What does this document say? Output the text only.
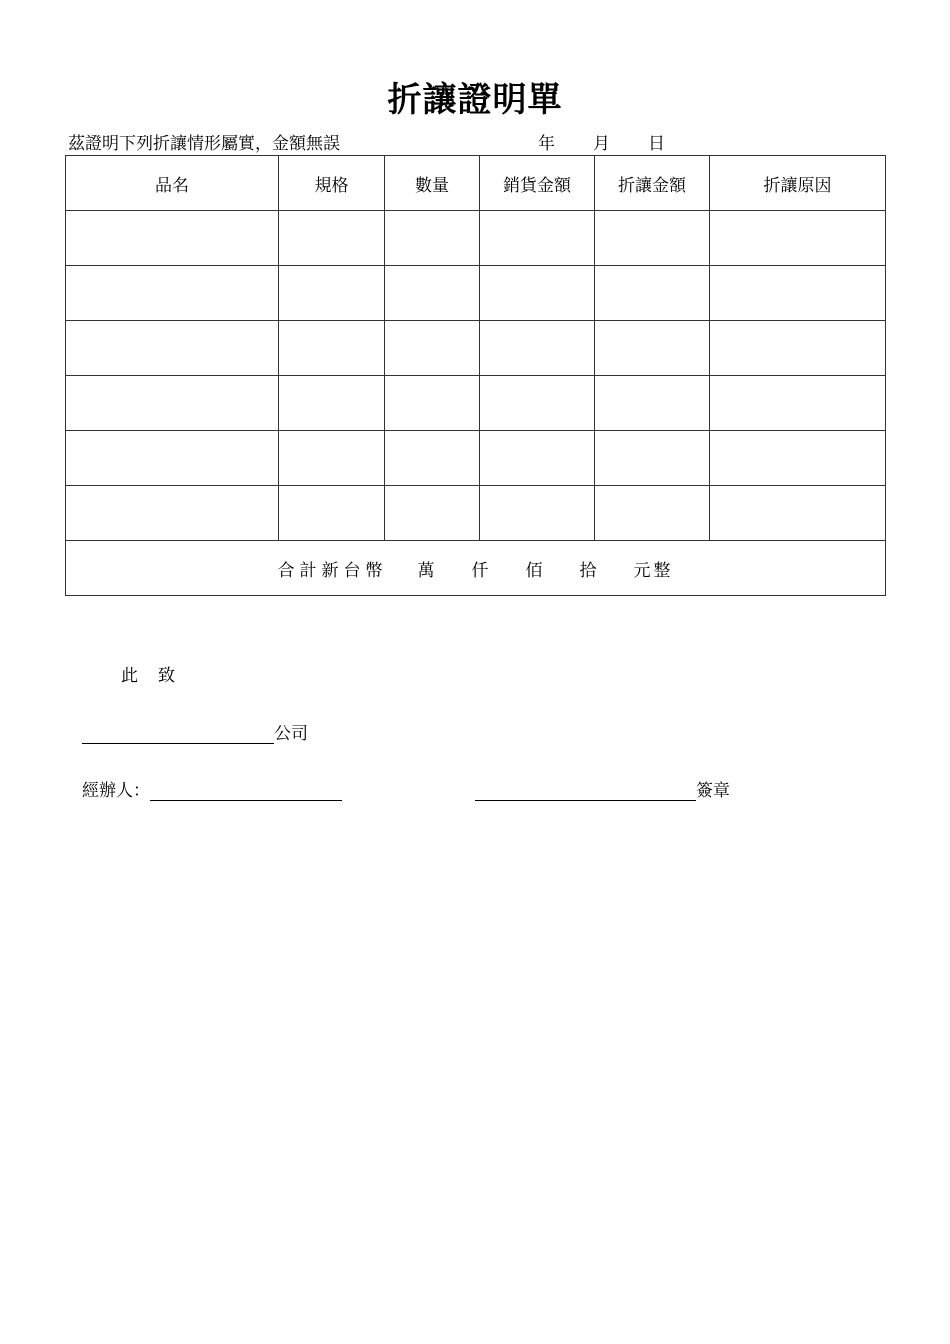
折讓證明單
茲證明下列折讓情形屬實，金額無誤	年 月 日
品名	規格	數量	銷貨金額	折讓金額	折讓原因

合計新台幣 萬 仟 佰 拾 元整					
此 致
公司
經辦人：	簽章
